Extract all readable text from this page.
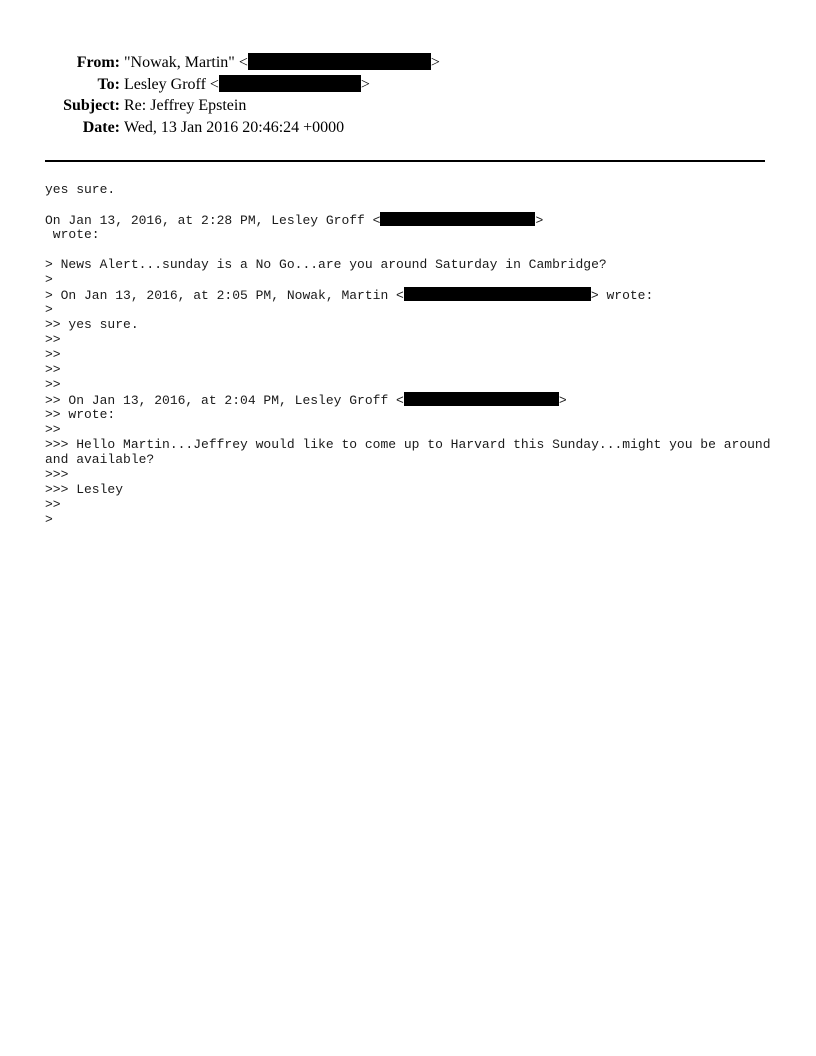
From: "Nowak, Martin" <	>
To: Lesley Groff <	>
Subject: Re: Jeffrey Epstein
Date: Wed, 13 Jan 2016 20:46:24 +0000
yes sure.
On Jan 13, 2016, at 2:28 PM, Lesley Groff <	>
wrote:
> News Alert...sunday is a No Go...are you around Saturday in Cambridge?
>
> On Jan 13, 2016, at 2:05 PM, Nowak, Martin <	> wrote:
>
>> yes sure.
>>
>>
>>
>>
>> On Jan 13, 2016, at 2:04 PM, Lesley Groff <	>
>> wrote:
>>
>>> Hello Martin...Jeffrey would like to come up to Harvard this Sunday...might you be around
and available?
>>>
>>> Lesley
>>
>
